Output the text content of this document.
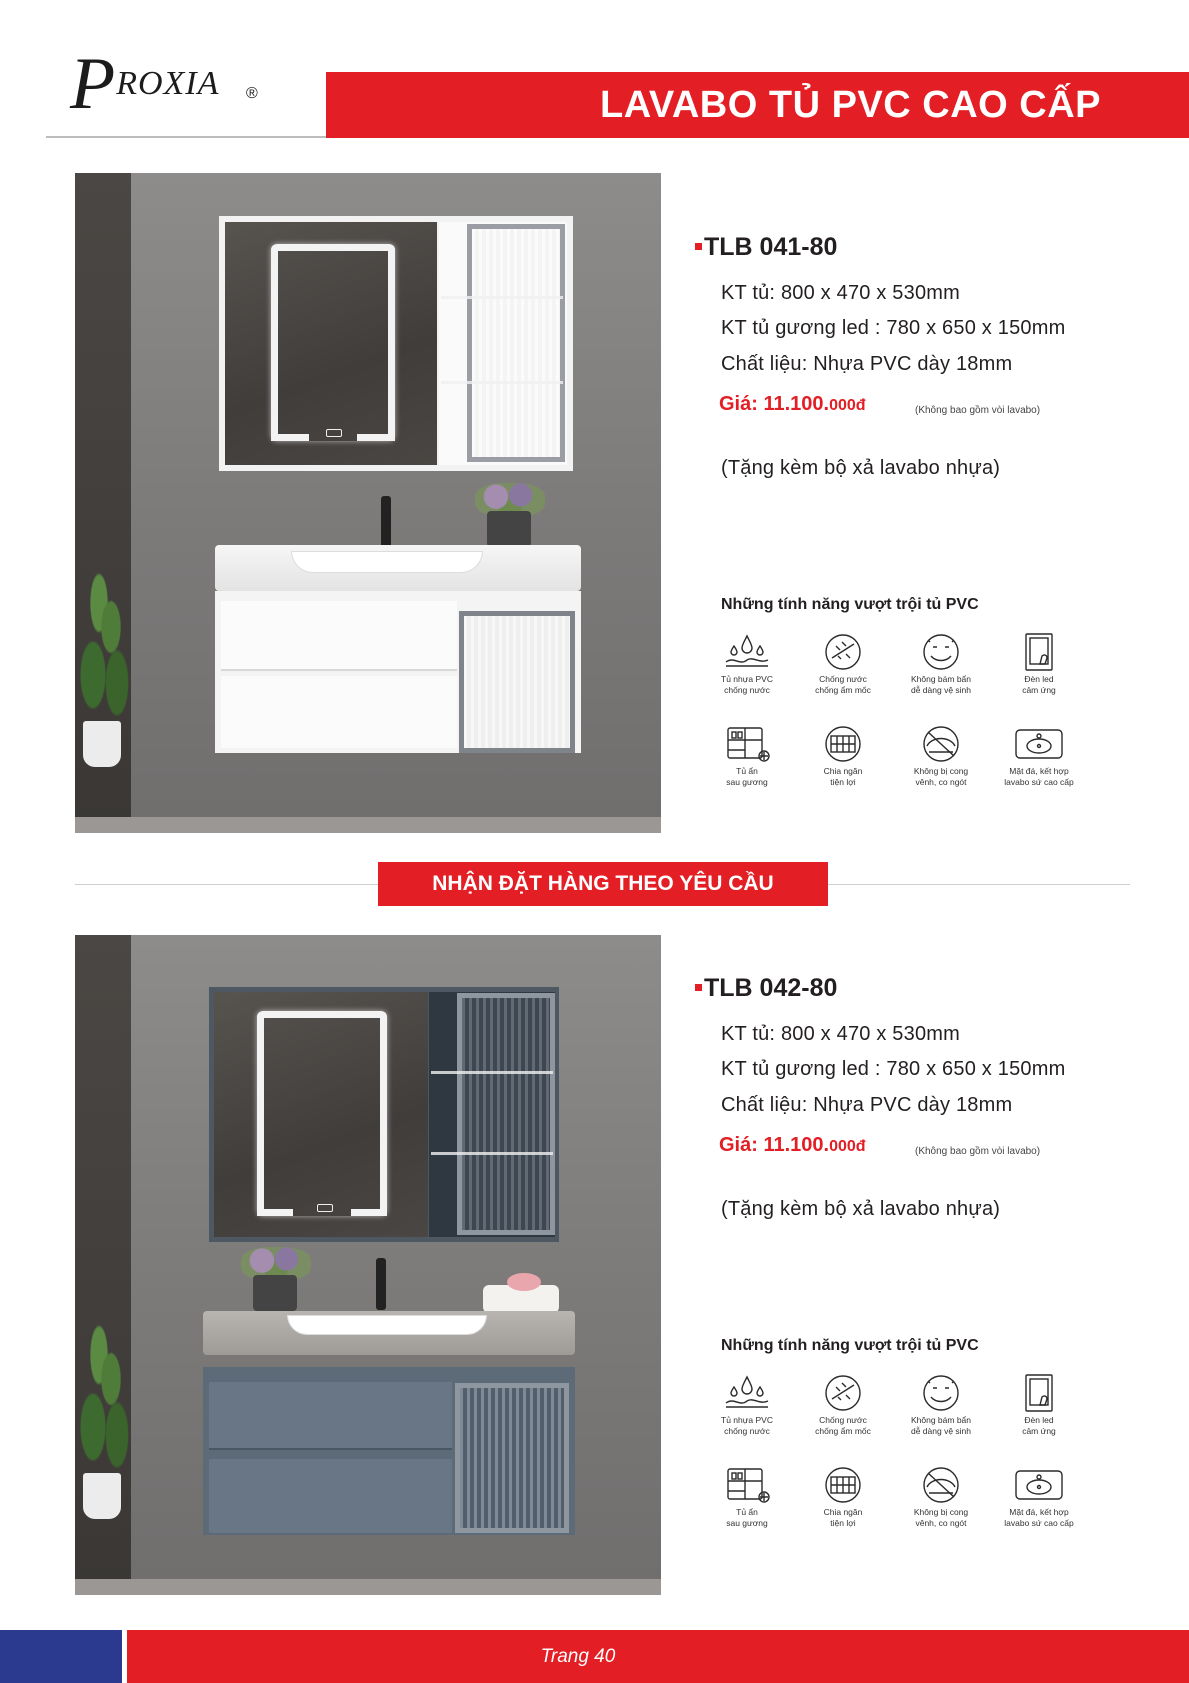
PROXIA ®	LAVABO TỦ PVC CAO CẤP
TLB 041-80
KT tủ: 800 x 470 x 530mm
KT tủ gương led : 780 x 650 x 150mm
Chất liệu: Nhựa PVC dày 18mm
Giá: 11.100.000đ	(Không bao gồm vòi lavabo)
(Tặng kèm bộ xả lavabo nhựa)
Những tính năng vượt trội tủ PVC
Tủ nhựa PVC
chống nước
Chống nước
chống ẩm mốc
Không bám bẩn
dễ dàng vệ sinh
Đèn led
cảm ứng
Tủ ẩn
sau gương
Chia ngăn
tiện lợi
Không bị cong
vênh, co ngót
Mặt đá, kết hợp
lavabo sứ cao cấp
NHẬN ĐẶT HÀNG THEO YÊU CẦU
TLB 042-80
KT tủ: 800 x 470 x 530mm
KT tủ gương led : 780 x 650 x 150mm
Chất liệu: Nhựa PVC dày 18mm
Giá: 11.100.000đ	(Không bao gồm vòi lavabo)
(Tặng kèm bộ xả lavabo nhựa)
Những tính năng vượt trội tủ PVC
Tủ nhựa PVC
chống nước
Chống nước
chống ẩm mốc
Không bám bẩn
dễ dàng vệ sinh
Đèn led
cảm ứng
Tủ ẩn
sau gương
Chia ngăn
tiện lợi
Không bị cong
vênh, co ngót
Mặt đá, kết hợp
lavabo sứ cao cấp
Trang 40
